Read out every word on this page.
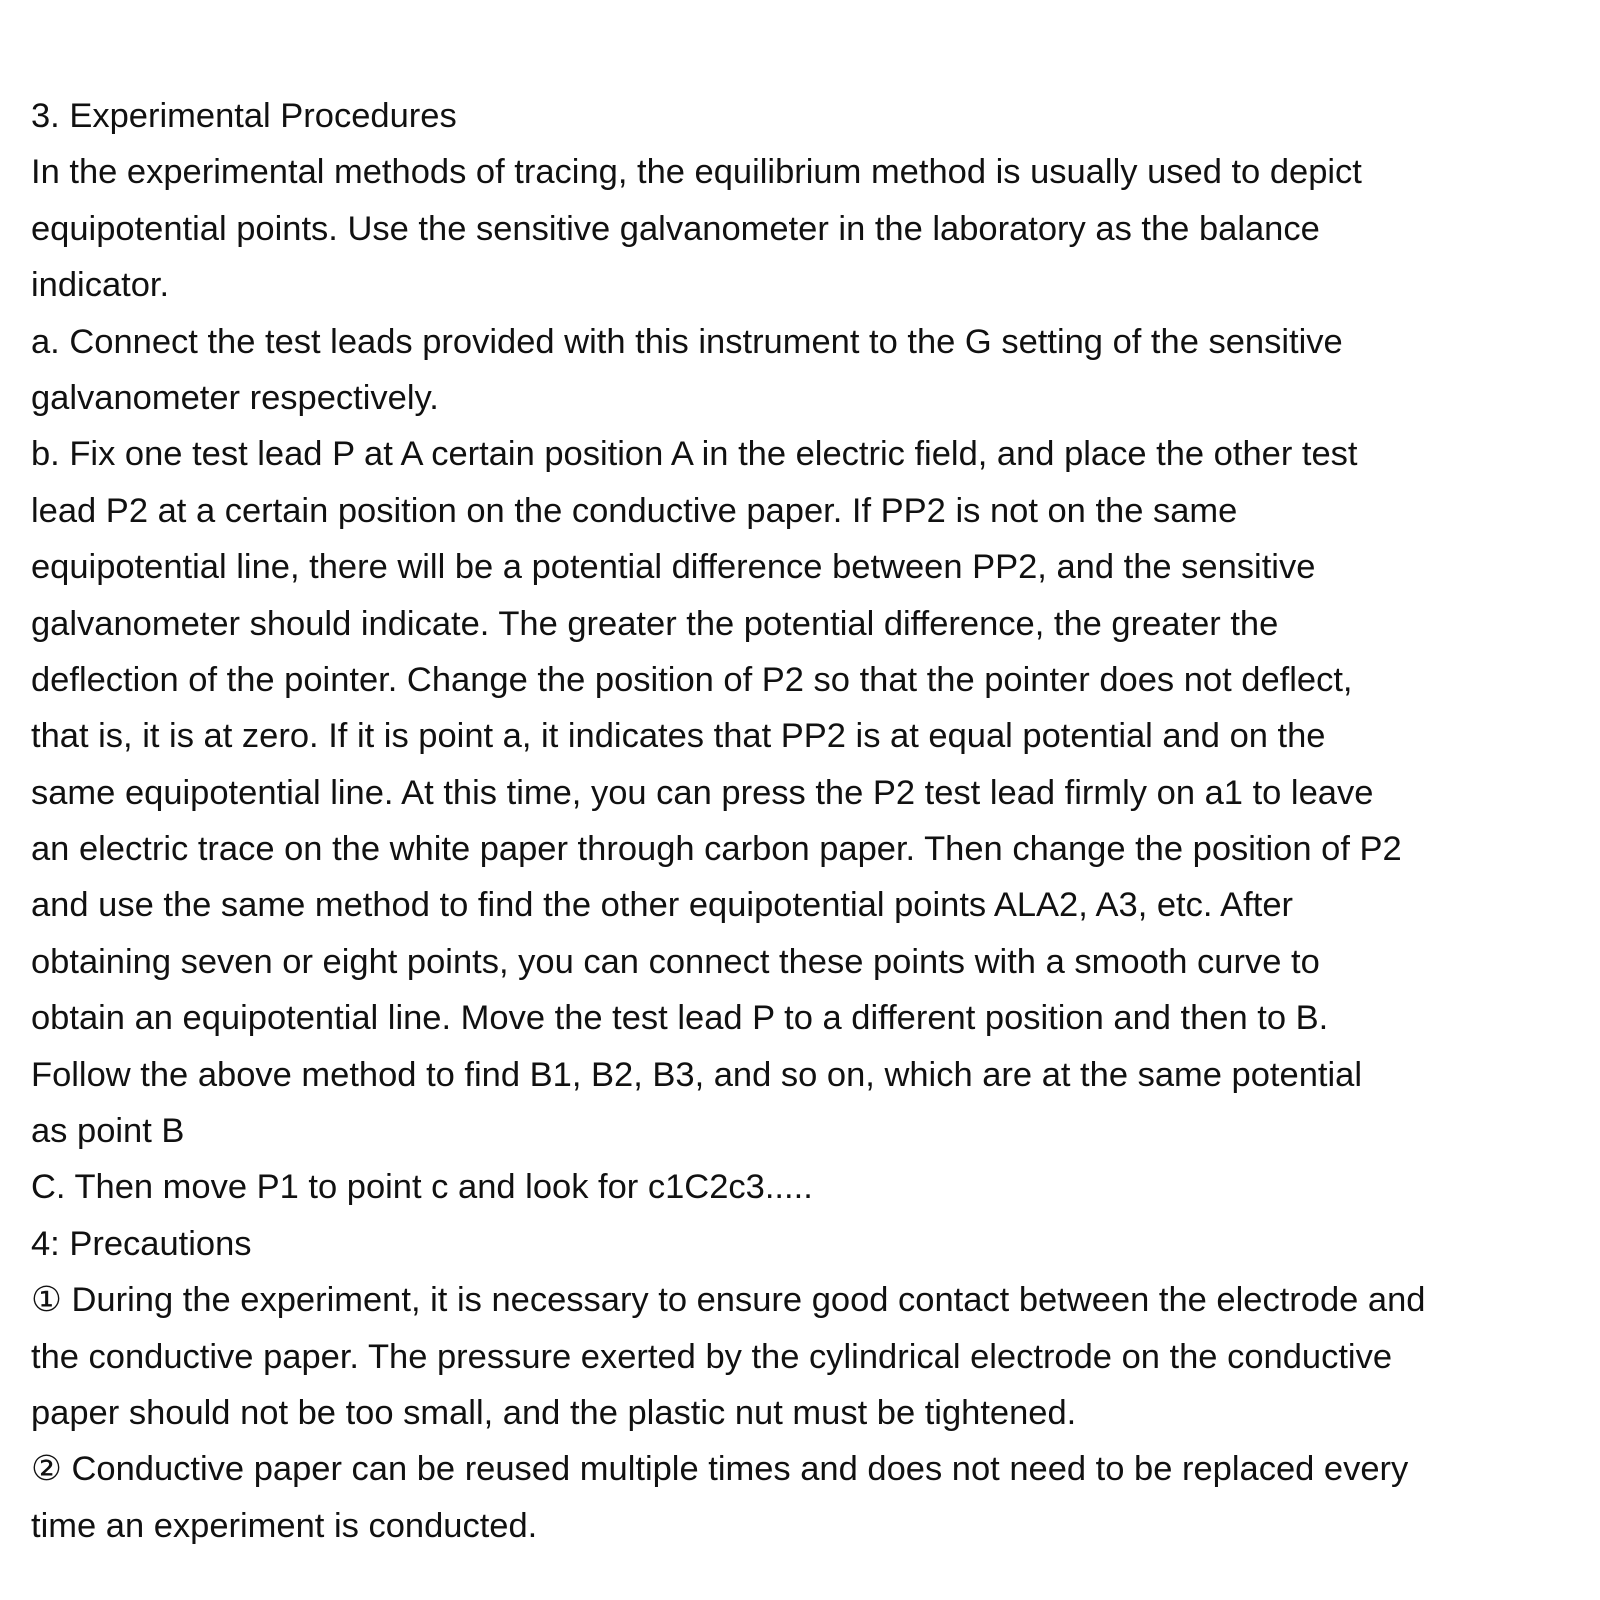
3. Experimental Procedures
In the experimental methods of tracing, the equilibrium method is usually used to depict
equipotential points. Use the sensitive galvanometer in the laboratory as the balance
indicator.
a. Connect the test leads provided with this instrument to the G setting of the sensitive
galvanometer respectively.
b. Fix one test lead P at A certain position A in the electric field, and place the other test
lead P2 at a certain position on the conductive paper. If PP2 is not on the same
equipotential line, there will be a potential difference between PP2, and the sensitive
galvanometer should indicate. The greater the potential difference, the greater the
deflection of the pointer. Change the position of P2 so that the pointer does not deflect,
that is, it is at zero. If it is point a, it indicates that PP2 is at equal potential and on the
same equipotential line. At this time, you can press the P2 test lead firmly on a1 to leave
an electric trace on the white paper through carbon paper. Then change the position of P2
and use the same method to find the other equipotential points ALA2, A3, etc. After
obtaining seven or eight points, you can connect these points with a smooth curve to
obtain an equipotential line. Move the test lead P to a different position and then to B.
Follow the above method to find B1, B2, B3, and so on, which are at the same potential
as point B
C. Then move P1 to point c and look for c1C2c3.....
4: Precautions
① During the experiment, it is necessary to ensure good contact between the electrode and
the conductive paper. The pressure exerted by the cylindrical electrode on the conductive
paper should not be too small, and the plastic nut must be tightened.
② Conductive paper can be reused multiple times and does not need to be replaced every
time an experiment is conducted.
